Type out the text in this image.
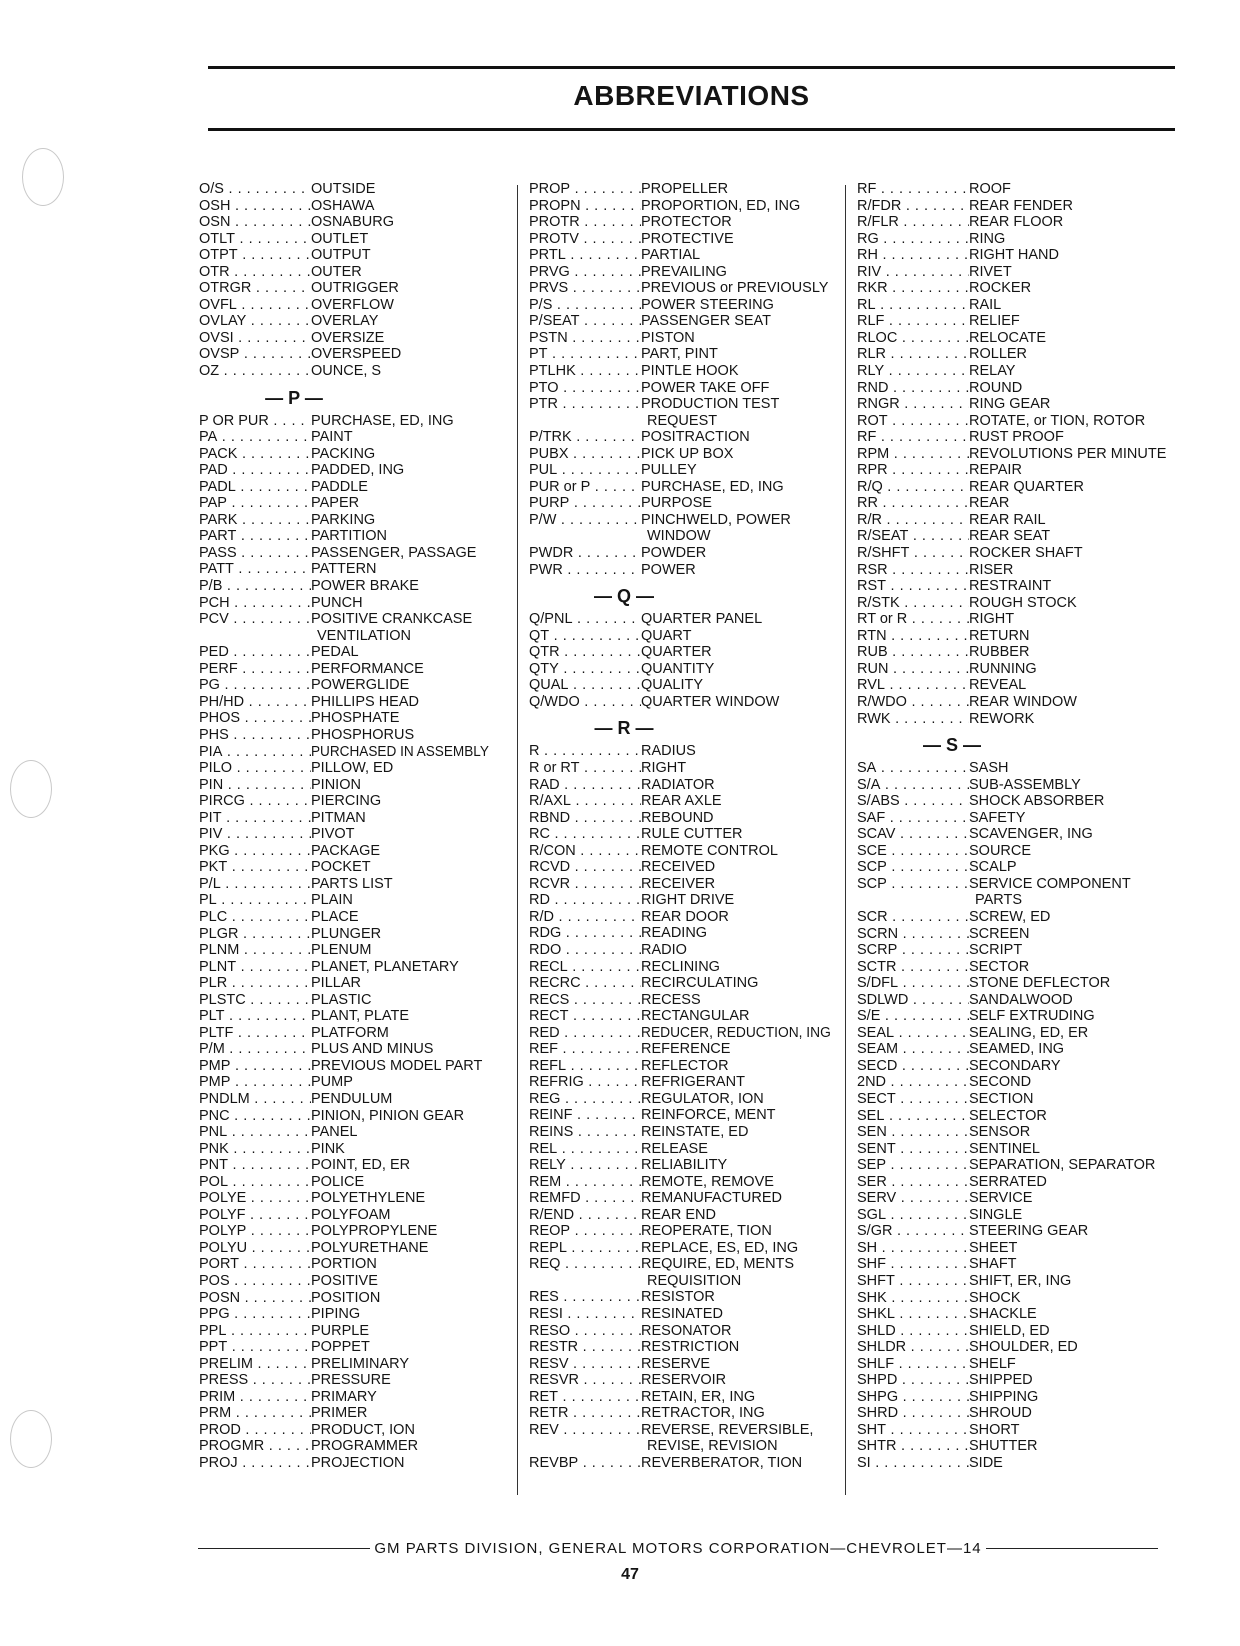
ABBREVIATIONS
O/S . . .	OUTSIDE
OSH . . .	OSHAWA
OSN . . .	OSNABURG
OTLT . . .	OUTLET
OTPT . . .	OUTPUT
OTR . . .	OUTER
OTRGR . . .	OUTRIGGER
OVFL . . .	OVERFLOW
OVLAY . . .	OVERLAY
OVSI . . .	OVERSIZE
OVSP . . .	OVERSPEED
OZ . . .	OUNCE, S
— P —
P OR PUR . . .	PURCHASE, ED, ING
PA . . .	PAINT
PACK . . .	PACKING
PAD . . .	PADDED, ING
PADL . . .	PADDLE
PAP . . .	PAPER
PARK . . .	PARKING
PART . . .	PARTITION
PASS . . .	PASSENGER, PASSAGE
PATT . . .	PATTERN
P/B . . .	POWER BRAKE
PCH . . .	PUNCH
PCV . . .	POSITIVE CRANKCASE
VENTILATION
PED . . .	PEDAL
PERF . . .	PERFORMANCE
PG . . .	POWERGLIDE
PH/HD . . .	PHILLIPS HEAD
PHOS . . .	PHOSPHATE
PHS . . .	PHOSPHORUS
PIA . . .	PURCHASED IN ASSEMBLY
PILO . . .	PILLOW, ED
PIN . . .	PINION
PIRCG . . .	PIERCING
PIT . . .	PITMAN
PIV . . .	PIVOT
PKG . . .	PACKAGE
PKT . . .	POCKET
P/L . . .	PARTS LIST
PL . . .	PLAIN
PLC . . .	PLACE
PLGR . . .	PLUNGER
PLNM . . .	PLENUM
PLNT . . .	PLANET, PLANETARY
PLR . . .	PILLAR
PLSTC . . .	PLASTIC
PLT . . .	PLANT, PLATE
PLTF . . .	PLATFORM
P/M . . .	PLUS AND MINUS
PMP . . .	PREVIOUS MODEL PART
PMP . . .	PUMP
PNDLM . . .	PENDULUM
PNC . . .	PINION, PINION GEAR
PNL . . .	PANEL
PNK . . .	PINK
PNT . . .	POINT, ED, ER
POL . . .	POLICE
POLYE . . .	POLYETHYLENE
POLYF . . .	POLYFOAM
POLYP . . .	POLYPROPYLENE
POLYU . . .	POLYURETHANE
PORT . . .	PORTION
POS . . .	POSITIVE
POSN . . .	POSITION
PPG . . .	PIPING
PPL . . .	PURPLE
PPT . . .	POPPET
PRELIM . . .	PRELIMINARY
PRESS . . .	PRESSURE
PRIM . . .	PRIMARY
PRM . . .	PRIMER
PROD . . .	PRODUCT, ION
PROGMR . . .	PROGRAMMER
PROJ . . .	PROJECTION
PROP . . .	PROPELLER
PROPN . . .	PROPORTION, ED, ING
PROTR . . .	PROTECTOR
PROTV . . .	PROTECTIVE
PRTL . . .	PARTIAL
PRVG . . .	PREVAILING
PRVS . . .	PREVIOUS or PREVIOUSLY
P/S . . .	POWER STEERING
P/SEAT . . .	PASSENGER SEAT
PSTN . . .	PISTON
PT . . .	PART, PINT
PTLHK . . .	PINTLE HOOK
PTO . . .	POWER TAKE OFF
PTR . . .	PRODUCTION TEST
REQUEST
P/TRK . . .	POSITRACTION
PUBX . . .	PICK UP BOX
PUL . . .	PULLEY
PUR or P . . .	PURCHASE, ED, ING
PURP . . .	PURPOSE
P/W . . .	PINCHWELD, POWER
WINDOW
PWDR . . .	POWDER
PWR . . .	POWER
— Q —
Q/PNL . . .	QUARTER PANEL
QT . . .	QUART
QTR . . .	QUARTER
QTY . . .	QUANTITY
QUAL . . .	QUALITY
Q/WDO . . .	QUARTER WINDOW
— R —
R . . .	RADIUS
R or RT . . .	RIGHT
RAD . . .	RADIATOR
R/AXL . . .	REAR AXLE
RBND . . .	REBOUND
RC . . .	RULE CUTTER
R/CON . . .	REMOTE CONTROL
RCVD . . .	RECEIVED
RCVR . . .	RECEIVER
RD . . .	RIGHT DRIVE
R/D . . .	REAR DOOR
RDG . . .	READING
RDO . . .	RADIO
RECL . . .	RECLINING
RECRC . . .	RECIRCULATING
RECS . . .	RECESS
RECT . . .	RECTANGULAR
RED . . .	REDUCER, REDUCTION, ING
REF . . .	REFERENCE
REFL . . .	REFLECTOR
REFRIG . . .	REFRIGERANT
REG . . .	REGULATOR, ION
REINF . . .	REINFORCE, MENT
REINS . . .	REINSTATE, ED
REL . . .	RELEASE
RELY . . .	RELIABILITY
REM . . .	REMOTE, REMOVE
REMFD . . .	REMANUFACTURED
R/END . . .	REAR END
REOP . . .	REOPERATE, TION
REPL . . .	REPLACE, ES, ED, ING
REQ . . .	REQUIRE, ED, MENTS
REQUISITION
RES . . .	RESISTOR
RESI . . .	RESINATED
RESO . . .	RESONATOR
RESTR . . .	RESTRICTION
RESV . . .	RESERVE
RESVR . . .	RESERVOIR
RET . . .	RETAIN, ER, ING
RETR . . .	RETRACTOR, ING
REV . . .	REVERSE, REVERSIBLE,
REVISE, REVISION
REVBP . . .	REVERBERATOR, TION
RF . . .	ROOF
R/FDR . . .	REAR FENDER
R/FLR . . .	REAR FLOOR
RG . . .	RING
RH . . .	RIGHT HAND
RIV . . .	RIVET
RKR . . .	ROCKER
RL . . .	RAIL
RLF . . .	RELIEF
RLOC . . .	RELOCATE
RLR . . .	ROLLER
RLY . . .	RELAY
RND . . .	ROUND
RNGR . . .	RING GEAR
ROT . . .	ROTATE, or TION, ROTOR
RF . . .	RUST PROOF
RPM . . .	REVOLUTIONS PER MINUTE
RPR . . .	REPAIR
R/Q . . .	REAR QUARTER
RR . . .	REAR
R/R . . .	REAR RAIL
R/SEAT . . .	REAR SEAT
R/SHFT . . .	ROCKER SHAFT
RSR . . .	RISER
RST . . .	RESTRAINT
R/STK . . .	ROUGH STOCK
RT or R . . .	RIGHT
RTN . . .	RETURN
RUB . . .	RUBBER
RUN . . .	RUNNING
RVL . . .	REVEAL
R/WDO . . .	REAR WINDOW
RWK . . .	REWORK
— S —
SA . . .	SASH
S/A . . .	SUB-ASSEMBLY
S/ABS . . .	SHOCK ABSORBER
SAF . . .	SAFETY
SCAV . . .	SCAVENGER, ING
SCE . . .	SOURCE
SCP . . .	SCALP
SCP . . .	SERVICE COMPONENT
PARTS
SCR . . .	SCREW, ED
SCRN . . .	SCREEN
SCRP . . .	SCRIPT
SCTR . . .	SECTOR
S/DFL . . .	STONE DEFLECTOR
SDLWD . . .	SANDALWOOD
S/E . . .	SELF EXTRUDING
SEAL . . .	SEALING, ED, ER
SEAM . . .	SEAMED, ING
SECD . . .	SECONDARY
2ND . . .	SECOND
SECT . . .	SECTION
SEL . . .	SELECTOR
SEN . . .	SENSOR
SENT . . .	SENTINEL
SEP . . .	SEPARATION, SEPARATOR
SER . . .	SERRATED
SERV . . .	SERVICE
SGL . . .	SINGLE
S/GR . . .	STEERING GEAR
SH . . .	SHEET
SHF . . .	SHAFT
SHFT . . .	SHIFT, ER, ING
SHK . . .	SHOCK
SHKL . . .	SHACKLE
SHLD . . .	SHIELD, ED
SHLDR . . .	SHOULDER, ED
SHLF . . .	SHELF
SHPD . . .	SHIPPED
SHPG . . .	SHIPPING
SHRD . . .	SHROUD
SHT . . .	SHORT
SHTR . . .	SHUTTER
SI . . .	SIDE
GM PARTS DIVISION, GENERAL MOTORS CORPORATION—CHEVROLET—14
47
